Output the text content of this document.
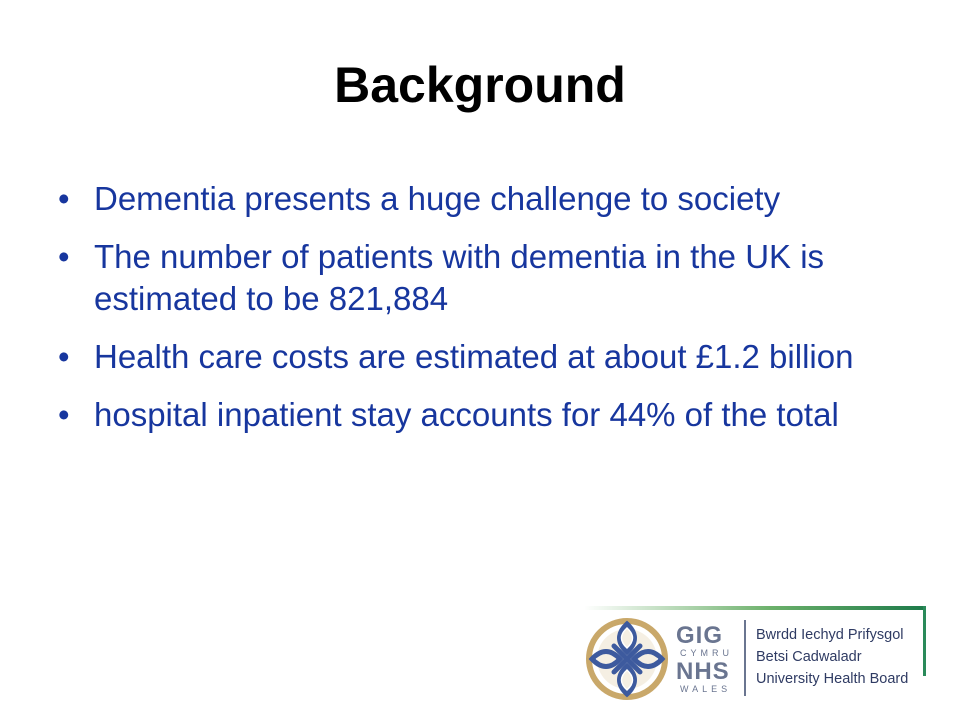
Background
• Dementia presents a huge challenge to society
• The number of patients with dementia in the UK is estimated to be 821,884
• Health care costs are estimated at about £1.2 billion
• hospital inpatient stay accounts for 44% of the total
GIG
CYMRU
NHS
WALES
Bwrdd Iechyd Prifysgol
Betsi Cadwaladr
University Health Board
